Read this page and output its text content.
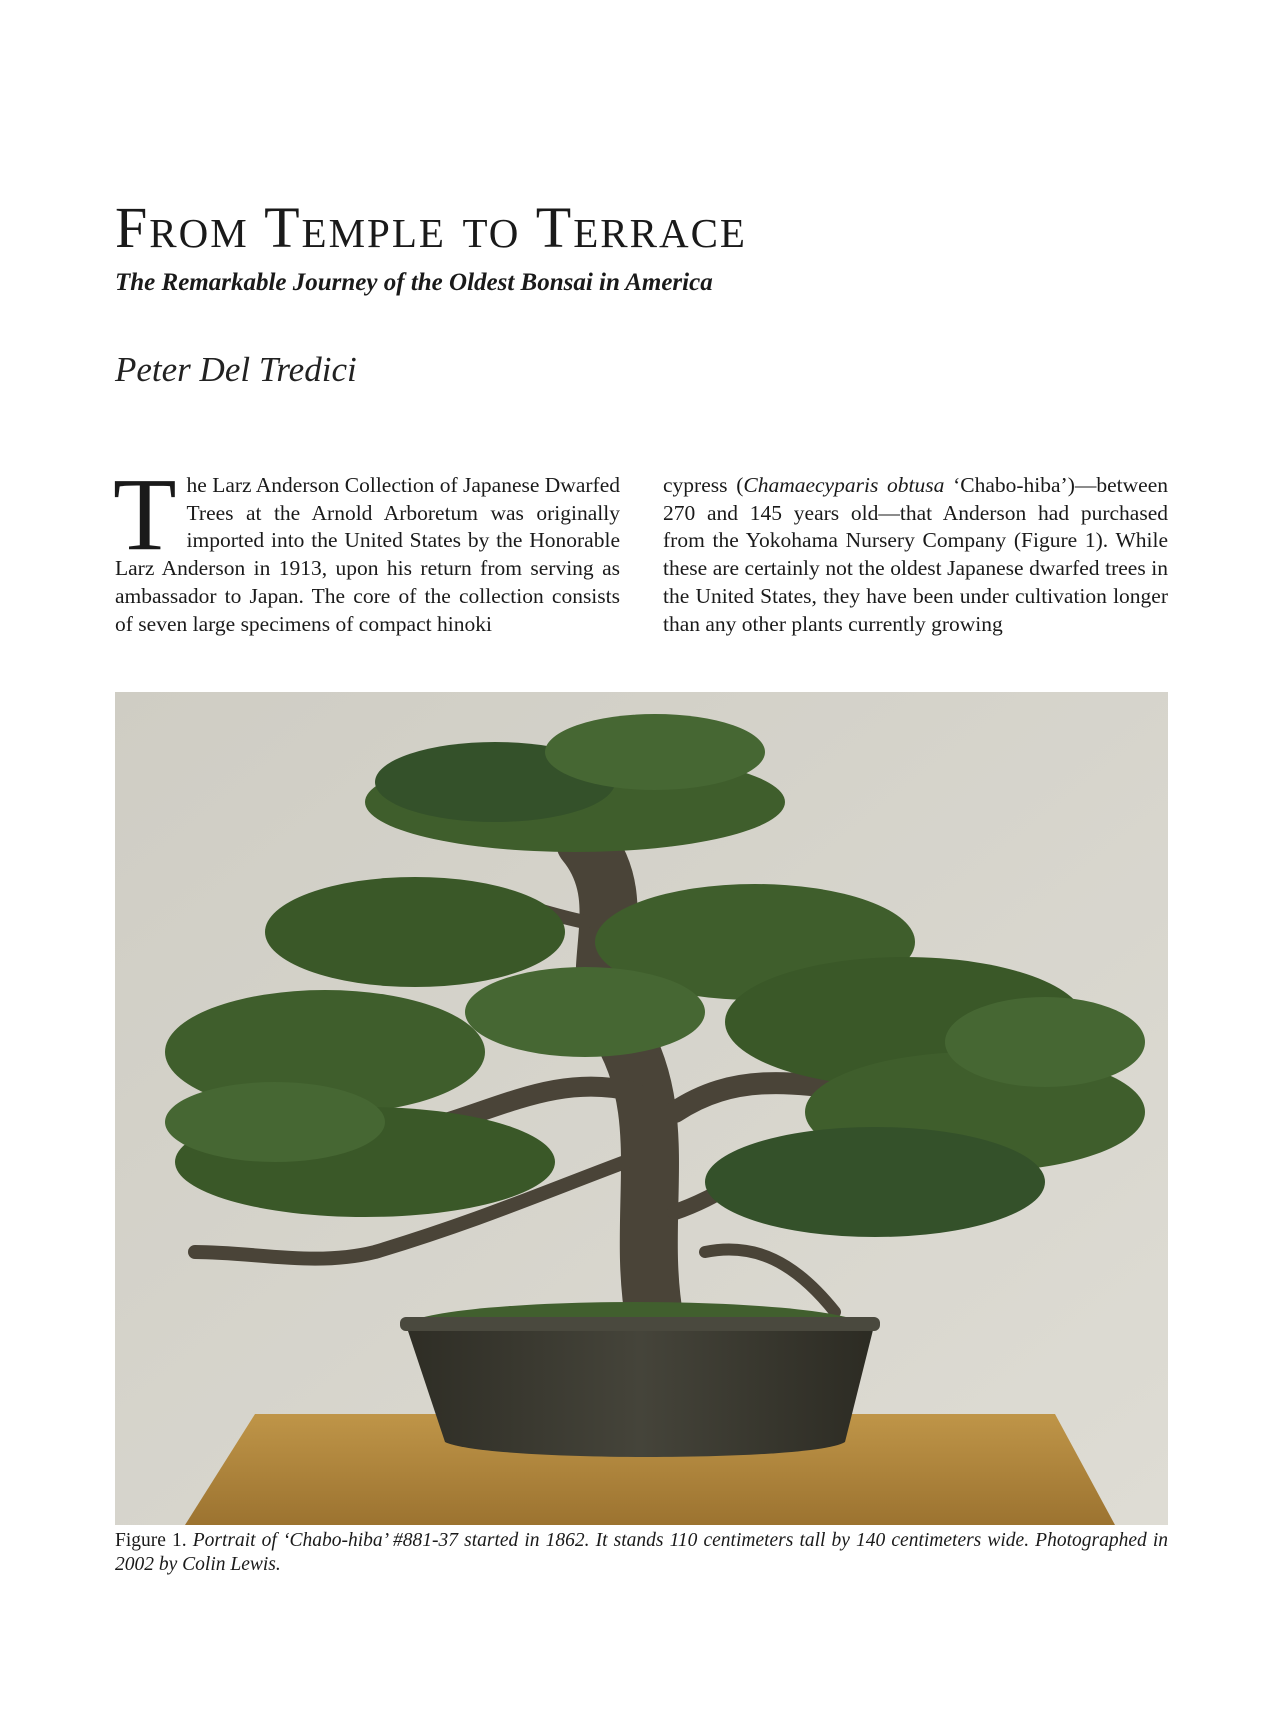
From Temple to Terrace

The Remarkable Journey of the Oldest Bonsai in America

Peter Del Tredici

The Larz Anderson Collection of Japanese Dwarfed Trees at the Arnold Arboretum was originally imported into the United States by the Honorable Larz Anderson in 1913, upon his return from serving as ambassador to Japan. The core of the collection consists of seven large specimens of compact hinoki

cypress (Chamaecyparis obtusa ‘Chabo-hiba’)—between 270 and 145 years old—that Anderson had purchased from the Yokohama Nursery Company (Figure 1). While these are certainly not the oldest Japanese dwarfed trees in the United States, they have been under cultivation longer than any other plants currently growing

Figure 1. Portrait of ‘Chabo-hiba’ #881-37 started in 1862. It stands 110 centimeters tall by 140 centimeters wide. Photographed in 2002 by Colin Lewis.
